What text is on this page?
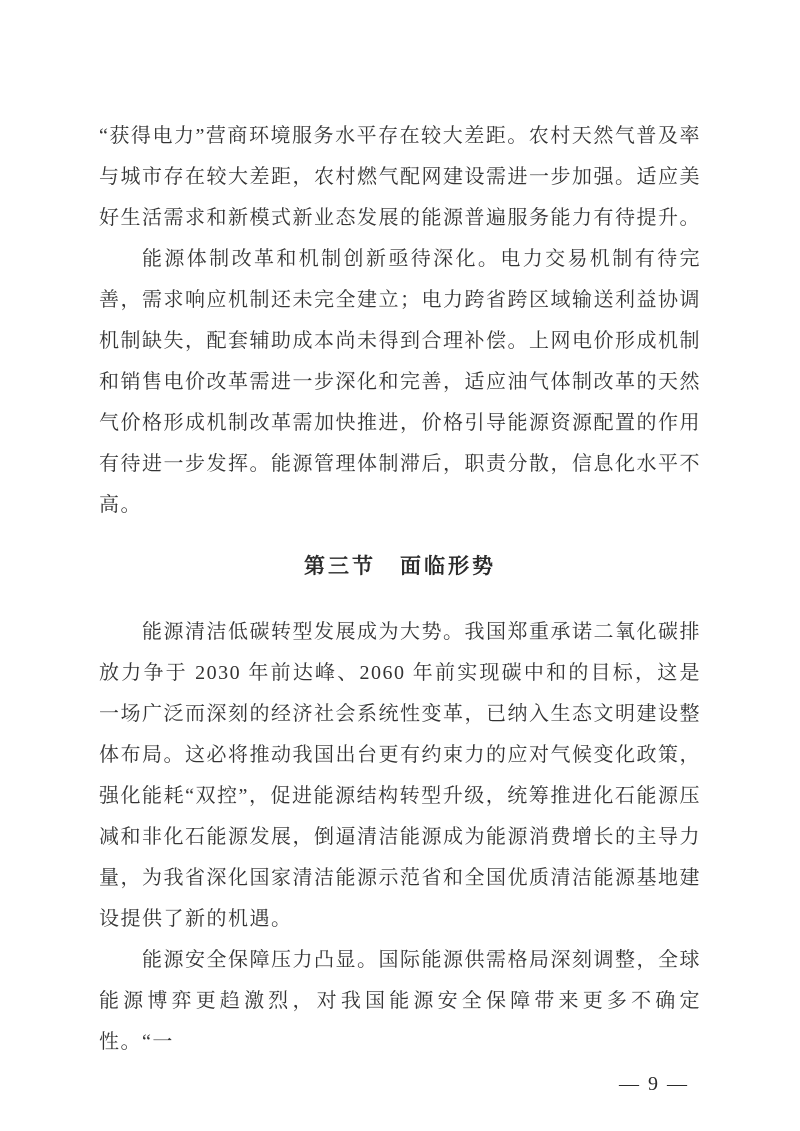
“获得电力”营商环境服务水平存在较大差距。农村天然气普及率与城市存在较大差距，农村燃气配网建设需进一步加强。适应美好生活需求和新模式新业态发展的能源普遍服务能力有待提升。

能源体制改革和机制创新亟待深化。电力交易机制有待完善，需求响应机制还未完全建立；电力跨省跨区域输送利益协调机制缺失，配套辅助成本尚未得到合理补偿。上网电价形成机制和销售电价改革需进一步深化和完善，适应油气体制改革的天然气价格形成机制改革需加快推进，价格引导能源资源配置的作用有待进一步发挥。能源管理体制滞后，职责分散，信息化水平不高。

第三节　面临形势

能源清洁低碳转型发展成为大势。我国郑重承诺二氧化碳排放力争于 2030 年前达峰、2060 年前实现碳中和的目标，这是一场广泛而深刻的经济社会系统性变革，已纳入生态文明建设整体布局。这必将推动我国出台更有约束力的应对气候变化政策，强化能耗“双控”，促进能源结构转型升级，统筹推进化石能源压减和非化石能源发展，倒逼清洁能源成为能源消费增长的主导力量，为我省深化国家清洁能源示范省和全国优质清洁能源基地建设提供了新的机遇。

能源安全保障压力凸显。国际能源供需格局深刻调整，全球能源博弈更趋激烈，对我国能源安全保障带来更多不确定性。“一

— 9 —
